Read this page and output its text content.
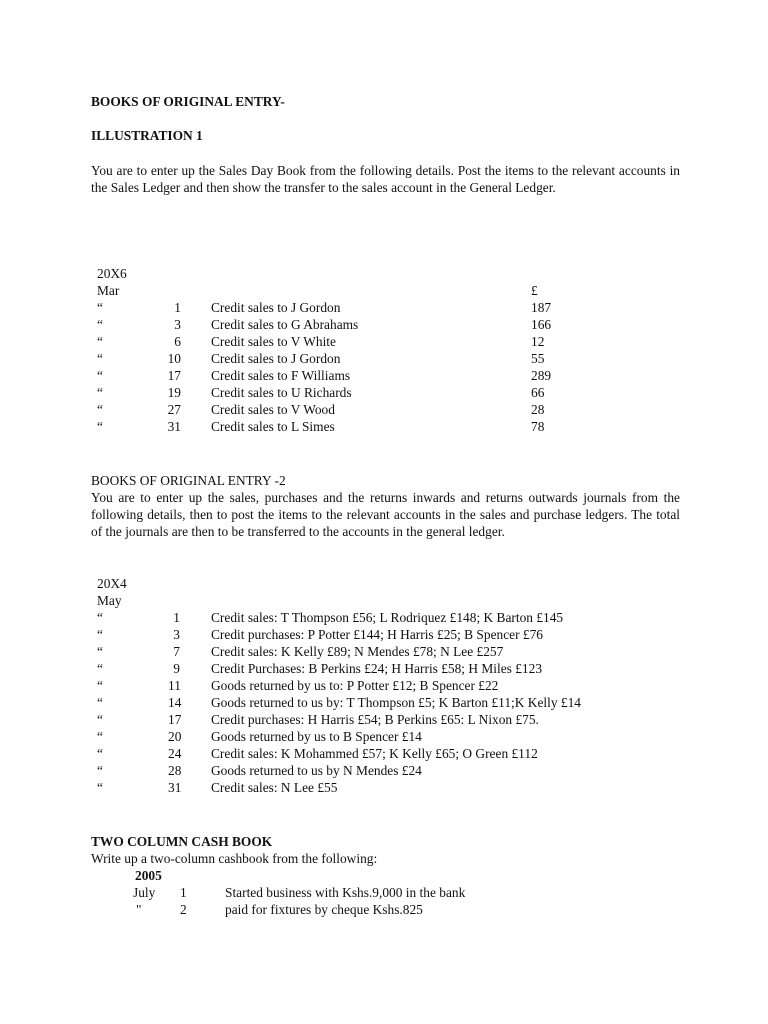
BOOKS OF ORIGINAL ENTRY-
ILLUSTRATION 1
You are to enter up the Sales Day Book from the following details. Post the items to the relevant accounts in the Sales Ledger and then show the transfer to the sales account in the General Ledger.
20X6
Mar	£
“	1 Credit sales to J Gordon	187
“	3 Credit sales to G Abrahams	166
“	6 Credit sales to V White	12
“	10 Credit sales to J Gordon	55
“	17 Credit sales to F Williams	289
“	19 Credit sales to U Richards	66
“	27 Credit sales to V Wood	28
“	31 Credit sales to L Simes	78
BOOKS OF ORIGINAL ENTRY -2
You are to enter up the sales, purchases and the returns inwards and returns outwards journals from the following details, then to post the items to the relevant accounts in the sales and purchase ledgers. The total of the journals are then to be transferred to the accounts in the general ledger.
20X4
May
“	1 Credit sales: T Thompson £56; L Rodriquez £148; K Barton £145
“	3 Credit purchases: P Potter £144; H Harris £25; B Spencer £76
“	7 Credit sales: K Kelly £89; N Mendes £78; N Lee £257
“	9 Credit Purchases: B Perkins £24; H Harris £58; H Miles £123
“	11 Goods returned by us to: P Potter £12; B Spencer £22
“	14 Goods returned to us by: T Thompson £5; K Barton £11;K Kelly £14
“	17 Credit purchases: H Harris £54; B Perkins £65: L Nixon £75.
“	20 Goods returned by us to B Spencer £14
“	24 Credit sales: K Mohammed £57; K Kelly £65; O Green £112
“	28 Goods returned to us by N Mendes £24
“	31 Credit sales: N Lee £55
TWO COLUMN CASH BOOK
Write up a two-column cashbook from the following:
2005
July 1	Started business with Kshs.9,000 in the bank
"	2	paid for fixtures by cheque Kshs.825
